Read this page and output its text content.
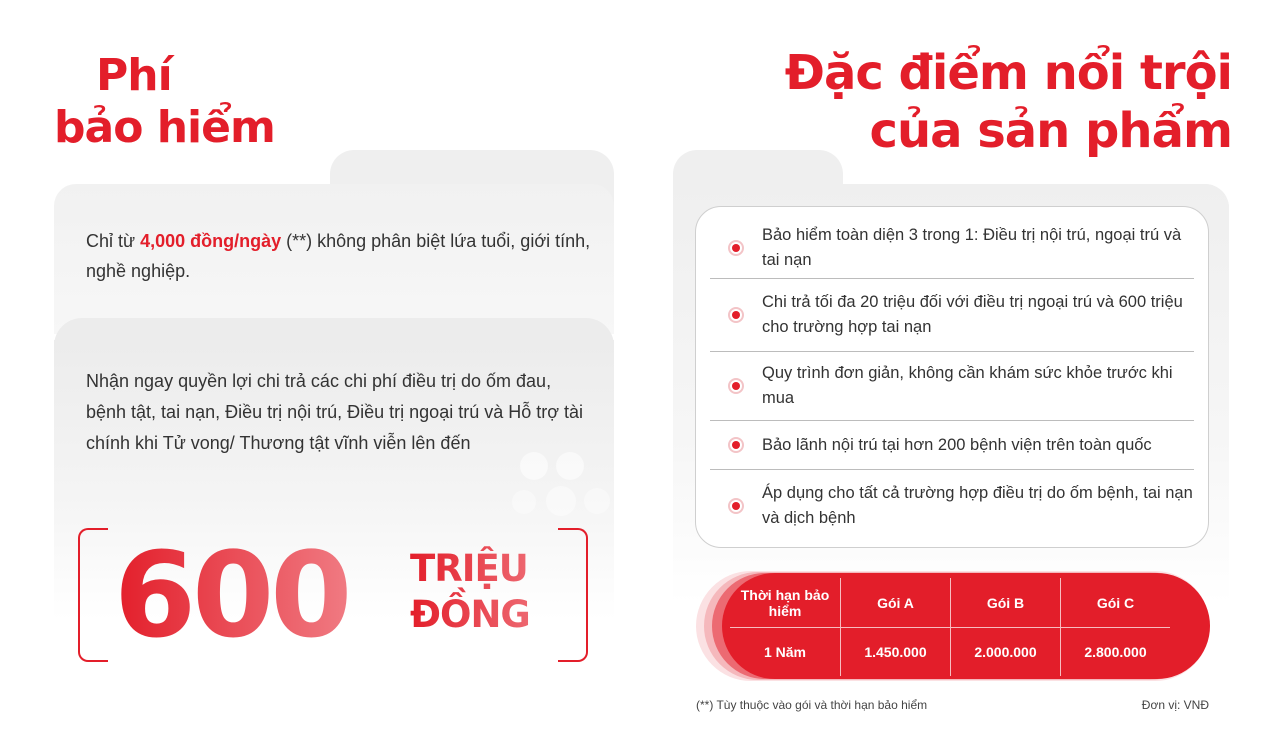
Phí
bảo hiểm

Chỉ từ 4,000 đồng/ngày (**) không phân biệt lứa tuổi, giới tính, nghề nghiệp.

Nhận ngay quyền lợi chi trả các chi phí điều trị do ốm đau, bệnh tật, tai nạn, Điều trị nội trú, Điều trị ngoại trú và Hỗ trợ tài chính khi Tử vong/ Thương tật vĩnh viễn lên đến

600 TRIỆU
ĐỒNG
Đặc điểm nổi trội
của sản phẩm
Bảo hiểm toàn diện 3 trong 1: Điều trị nội trú, ngoại trú và tai nạn
Chi trả tối đa 20 triệu đối với điều trị ngoại trú và 600 triệu cho trường hợp tai nạn
Quy trình đơn giản, không cần khám sức khỏe trước khi mua
Bảo lãnh nội trú tại hơn 200 bệnh viện trên toàn quốc
Áp dụng cho tất cả trường hợp điều trị do ốm bệnh, tai nạn và dịch bệnh
Thời hạn bảo hiểm	Gói A	Gói B	Gói C
1 Năm	1.450.000	2.000.000	2.800.000
(**) Tùy thuộc vào gói và thời hạn bảo hiểm	Đơn vị: VNĐ
